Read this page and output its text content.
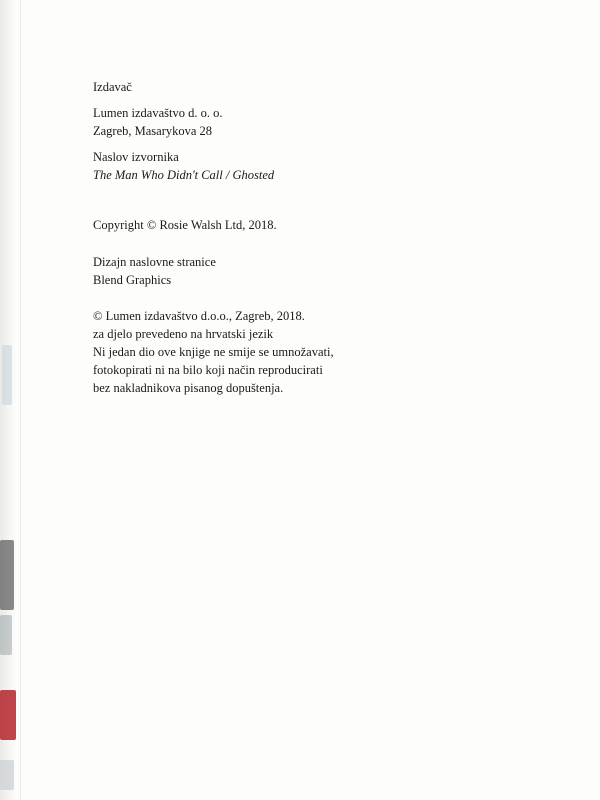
Izdavač

Lumen izdavaštvo d. o. o.

Zagreb, Masarykova 28

Naslov izvornika

The Man Who Didn't Call / Ghosted

Copyright © Rosie Walsh Ltd, 2018.

Dizajn naslovne stranice

Blend Graphics

© Lumen izdavaštvo d.o.o., Zagreb, 2018.

za djelo prevedeno na hrvatski jezik

Ni jedan dio ove knjige ne smije se umnožavati,

fotokopirati ni na bilo koji način reproducirati

bez nakladnikova pisanog dopuštenja.
